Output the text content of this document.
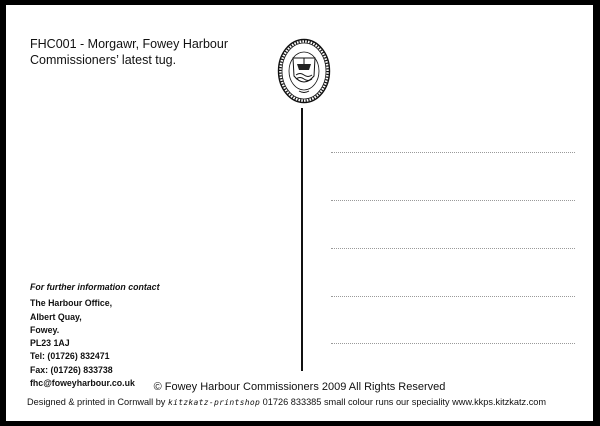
FHC001 - Morgawr, Fowey Harbour
Commissioners’ latest tug.
For further information contact
The Harbour Office,
Albert Quay,
Fowey.
PL23 1AJ
Tel: (01726) 832471
Fax: (01726) 833738
fhc@foweyharbour.co.uk	© Fowey Harbour Commissioners 2009 All Rights Reserved
Designed & printed in Cornwall by kitzkatz-printshop 01726 833385 small colour runs our speciality www.kkps.kitzkatz.com
